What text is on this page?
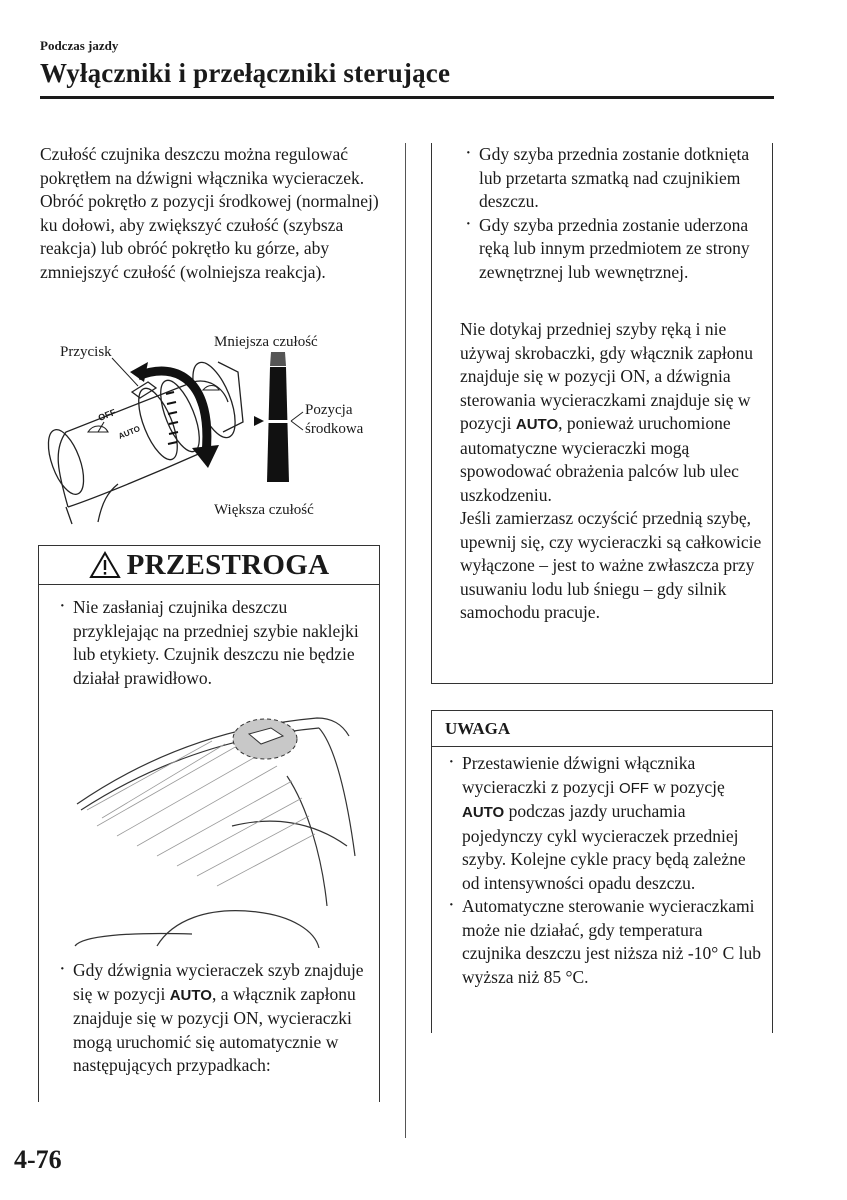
Podczas jazdy
Wyłączniki i przełączniki sterujące
Czułość czujnika deszczu można regulować pokrętłem na dźwigni włącznika wycieraczek.
Obróć pokrętło z pozycji środkowej (normalnej) ku dołowi, aby zwiększyć czułość (szybsza reakcja) lub obróć pokrętło ku górze, aby zmniejszyć czułość (wolniejsza reakcja).
Przycisk
Mniejsza czułość
Pozycja
środkowa
Większa czułość
OFF
AUTO
PRZESTROGA
· Nie zasłaniaj czujnika deszczu przyklejając na przedniej szybie naklejki lub etykiety. Czujnik deszczu nie będzie działał prawidłowo.
· Gdy dźwignia wycieraczek szyb znajduje się w pozycji AUTO, a włącznik zapłonu znajduje się w pozycji ON, wycieraczki mogą uruchomić się automatycznie w następujących przypadkach:
· Gdy szyba przednia zostanie dotknięta lub przetarta szmatką nad czujnikiem deszczu.
· Gdy szyba przednia zostanie uderzona ręką lub innym przedmiotem ze strony zewnętrznej lub wewnętrznej.
Nie dotykaj przedniej szyby ręką i nie używaj skrobaczki, gdy włącznik zapłonu znajduje się w pozycji ON, a dźwignia sterowania wycieraczkami znajduje się w pozycji AUTO, ponieważ uruchomione automatyczne wycieraczki mogą spowodować obrażenia palców lub ulec uszkodzeniu.
Jeśli zamierzasz oczyścić przednią szybę, upewnij się, czy wycieraczki są całkowicie wyłączone – jest to ważne zwłaszcza przy usuwaniu lodu lub śniegu – gdy silnik samochodu pracuje.
UWAGA
· Przestawienie dźwigni włącznika wycieraczki z pozycji OFF w pozycję AUTO podczas jazdy uruchamia pojedynczy cykl wycieraczek przedniej szyby. Kolejne cykle pracy będą zależne od intensywności opadu deszczu.
· Automatyczne sterowanie wycieraczkami może nie działać, gdy temperatura czujnika deszczu jest niższa niż -10° C lub wyższa niż 85 °C.
4-76
